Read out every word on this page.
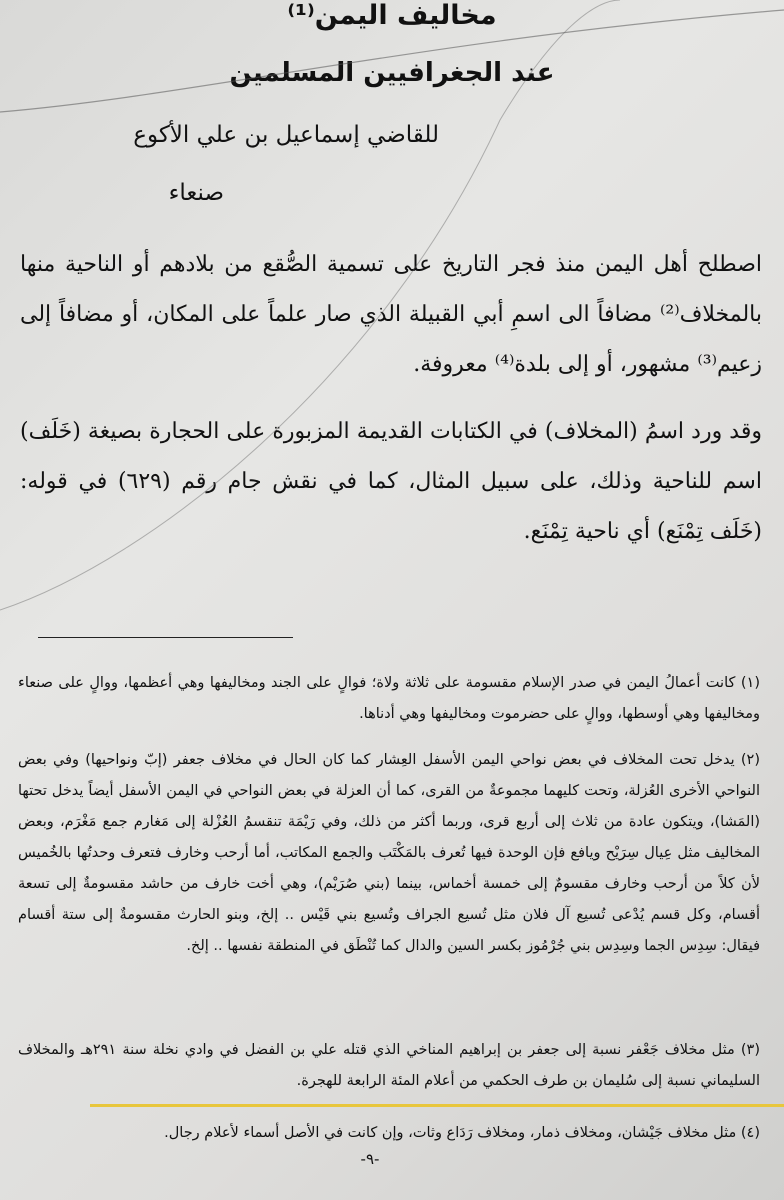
مخاليف اليمن⁽¹⁾
عند الجغرافيين المسلمين
للقاضي إسماعيل بن علي الأكوع
صنعاء
اصطلح أهل اليمن منذ فجر التاريخ على تسمية الصُّقع من بلادهم أو الناحية منها بالمخلاف⁽²⁾ مضافاً الى اسمِ أبي القبيلة الذي صار علماً على المكان، أو مضافاً إلى زعيم⁽³⁾ مشهور، أو إلى بلدة⁽⁴⁾ معروفة.
وقد ورد اسمُ (المخلاف) في الكتابات القديمة المزبورة على الحجارة بصيغة (خَلَف) اسم للناحية وذلك، على سبيل المثال، كما في نقش جام رقم (٦٢٩) في قوله: (خَلَف تِمْنَع) أي ناحية تِمْنَع.
(١) كانت أعمالُ اليمن في صدر الإسلام مقسومة على ثلاثة ولاة؛ فوالٍ على الجند ومخاليفها وهي أعظمها، ووالٍ على صنعاء ومخاليفها وهي أوسطها، ووالٍ على حضرموت ومخاليفها وهي أدناها.
(٢) يدخل تحت المخلاف في بعض نواحي اليمن الأسفل العِشار كما كان الحال في مخلاف جعفر (إبّ ونواحيها) وفي بعض النواحي الأخرى العُزلة، وتحت كليهما مجموعةٌ من القرى، كما أن العزلة في بعض النواحي في اليمن الأسفل أيضاً يدخل تحتها (المَشا)، ويتكون عادة من ثلاث إلى أربع قرى، وربما أكثر من ذلك، وفي رَيْمَة تنقسمُ العُزْلة إلى مَغارم جمع مَغْرَم، وبعض المخاليف مثل عِيال سِرَيْح ويافع فإن الوحدة فيها تُعرف بالمَكْتَب والجمع المكاتب، أما أرحب وخارف فتعرف وحدتُها بالخُميس لأن كلاً من أرحب وخارف مقسومٌ إلى خمسة أخماس، بينما (بني صُرَيْم)، وهي أخت خارف من حاشد مقسومةٌ إلى تسعة أقسام، وكل قسم يُدْعى تُسيع آل فلان مثل تُسيع الجراف وتُسيع بني قَيْس .. إلخ، وبنو الحارث مقسومةٌ إلى ستة أقسام فيقال: سِدِس الجما وسِدِس بني جُرْمُوز بكسر السين والدال كما تُنْطَق في المنطقة نفسها .. إلخ.
(٣) مثل مخلاف جَعْفر نسبة إلى جعفر بن إبراهيم المناخي الذي قتله علي بن الفضل في وادي نخلة سنة ٢٩١هـ والمخلاف السليماني نسبة إلى سُليمان بن طرف الحكمي من أعلام المئة الرابعة للهجرة.
(٤) مثل مخلاف جَيْشان، ومخلاف ذمار، ومخلاف رَدَاع وثات، وإن كانت في الأصل أسماء لأعلام رجال.
-٩-
